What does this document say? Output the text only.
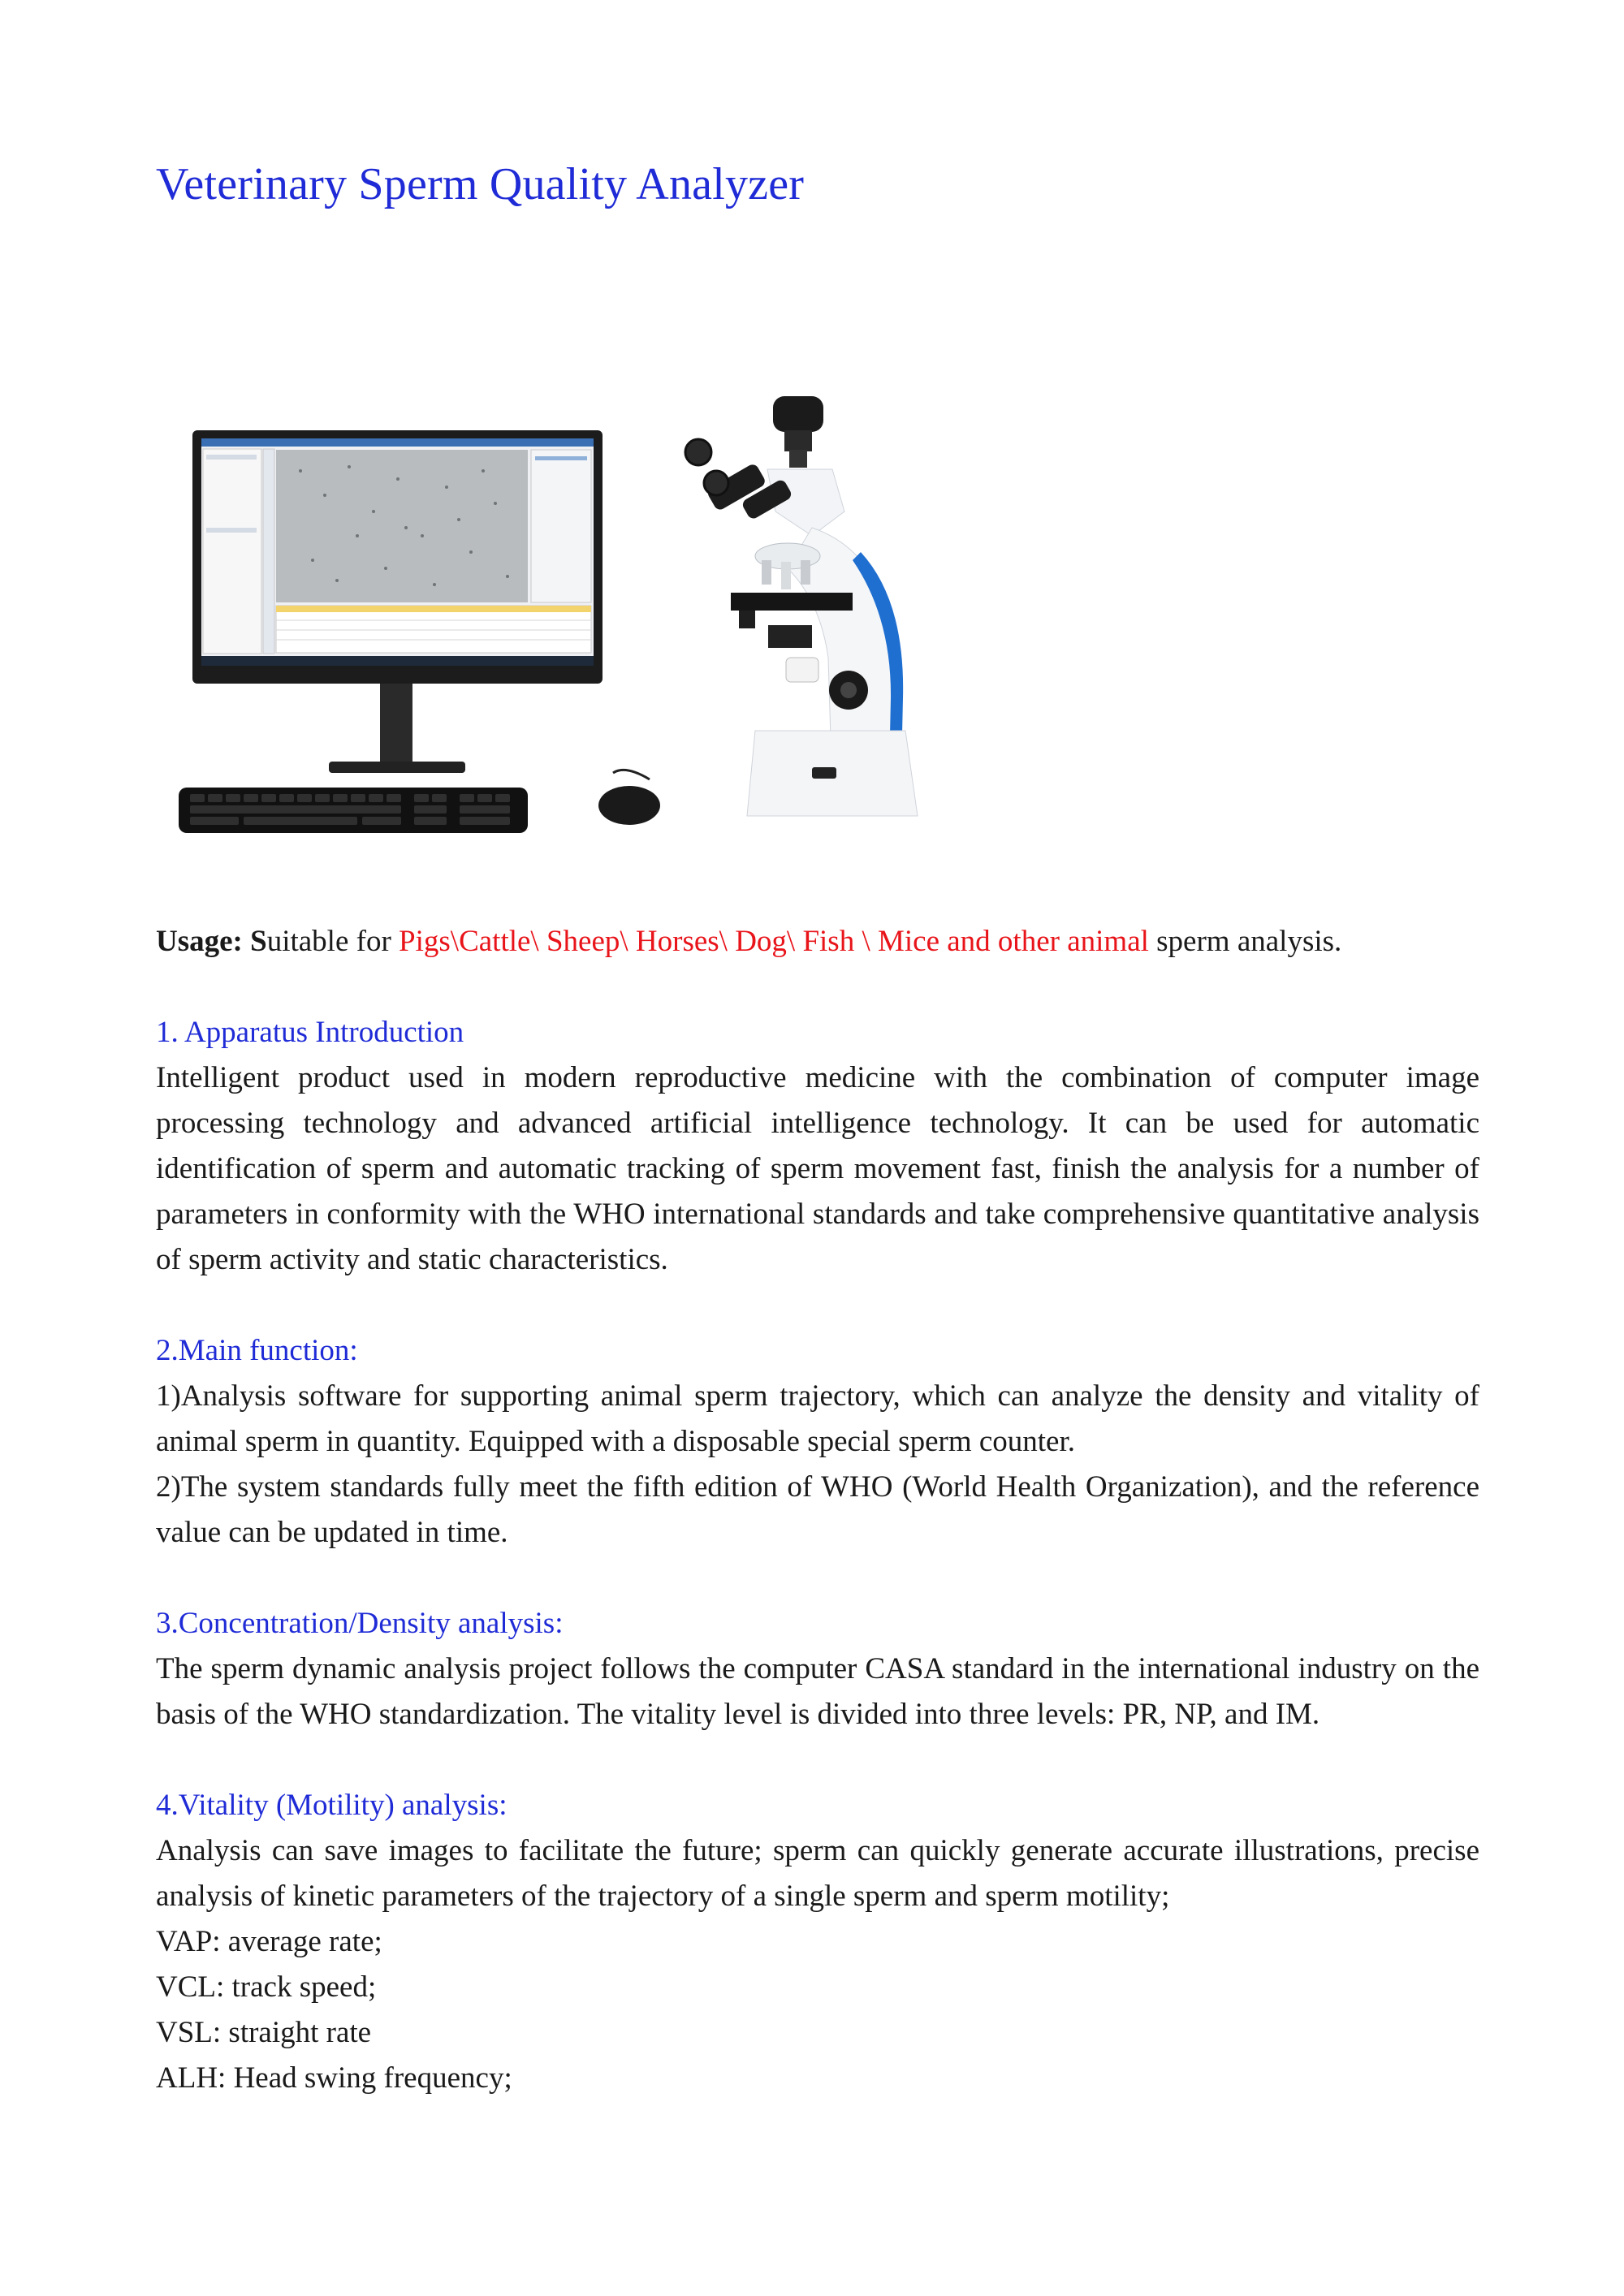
Veterinary Sperm Quality Analyzer

Usage: Suitable for Pigs\Cattle\ Sheep\ Horses\ Dog\ Fish \ Mice and other animal sperm analysis.

1. Apparatus Introduction

Intelligent product used in modern reproductive medicine with the combination of computer image processing technology and advanced artificial intelligence technology. It can be used for automatic identification of sperm and automatic tracking of sperm movement fast, finish the analysis for a number of parameters in conformity with the WHO international standards and take comprehensive quantitative analysis of sperm activity and static characteristics.

2.Main function:

1)Analysis software for supporting animal sperm trajectory, which can analyze the density and vitality of animal sperm in quantity. Equipped with a disposable special sperm counter.

2)The system standards fully meet the fifth edition of WHO (World Health Organization), and the reference value can be updated in time.

3.Concentration/Density analysis:

The sperm dynamic analysis project follows the computer CASA standard in the international industry on the basis of the WHO standardization. The vitality level is divided into three levels: PR, NP, and IM.

4.Vitality (Motility) analysis:

Analysis can save images to facilitate the future; sperm can quickly generate accurate illustrations, precise analysis of kinetic parameters of the trajectory of a single sperm and sperm motility;

VAP: average rate;

VCL: track speed;

VSL: straight rate

ALH: Head swing frequency;
